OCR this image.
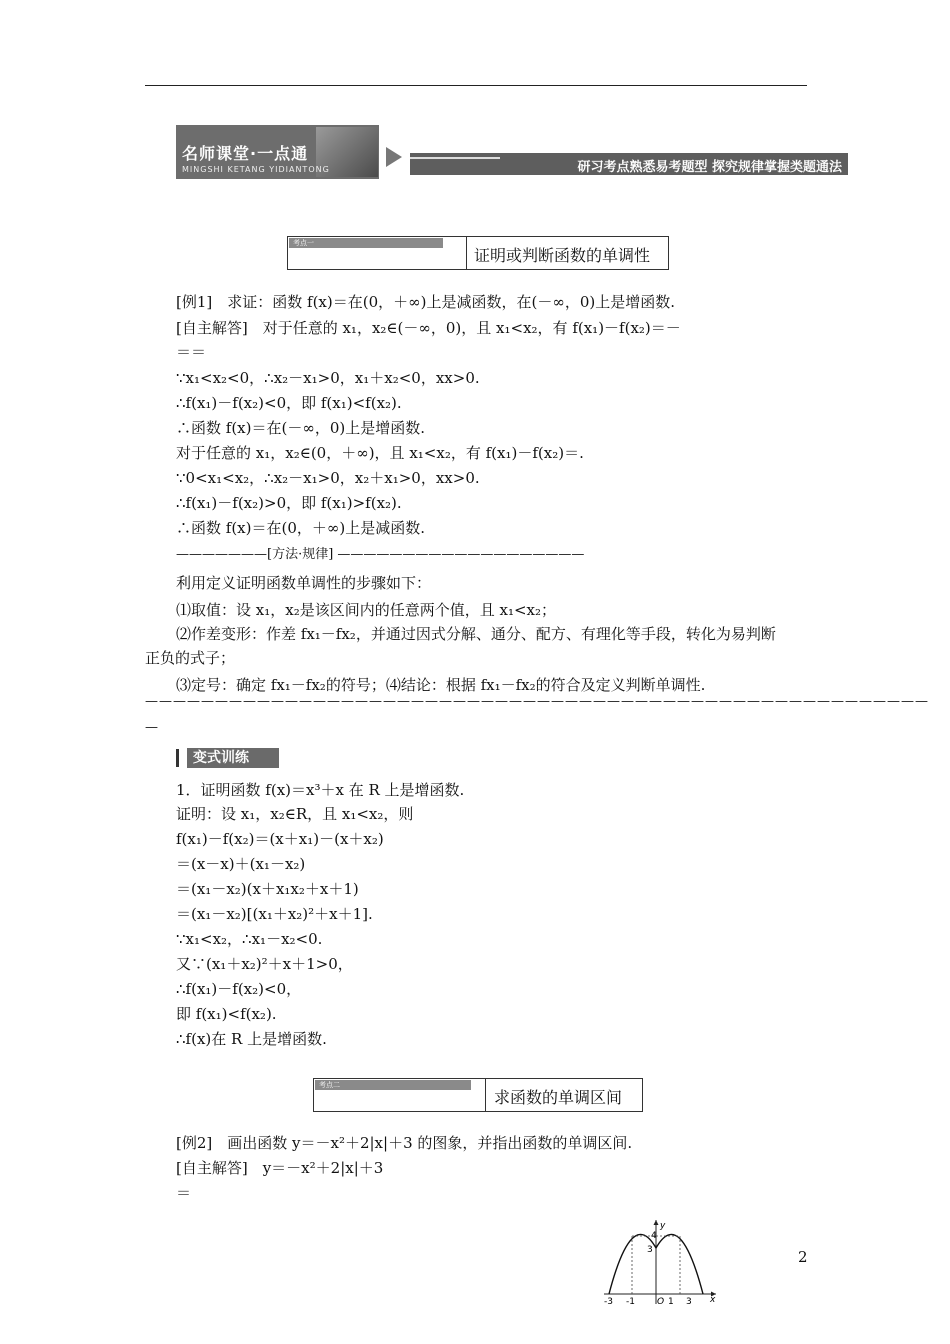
名师课堂·一点通
MINGSHI KETANG YIDIANTONG	研习考点熟悉易考题型 探究规律掌握类题通法
考点一
证明或判断函数的单调性
[例1]　求证：函数 f(x)＝在(0，＋∞)上是减函数，在(－∞，0)上是增函数.
[自主解答]　对于任意的 x₁，x₂∈(－∞，0)，且 x₁<x₂，有 f(x₁)－f(x₂)＝－
＝＝
∵x₁<x₂<0，∴x₂－x₁>0，x₁＋x₂<0，xx>0.
∴f(x₁)－f(x₂)<0，即 f(x₁)<f(x₂).
∴函数 f(x)＝在(－∞，0)上是增函数.
对于任意的 x₁，x₂∈(0，＋∞)，且 x₁<x₂，有 f(x₁)－f(x₂)＝.
∵0<x₁<x₂，∴x₂－x₁>0，x₂＋x₁>0，xx>0.
∴f(x₁)－f(x₂)>0，即 f(x₁)>f(x₂).
∴函数 f(x)＝在(0，＋∞)上是减函数.
———————[方法·规律] ———————————————————
利用定义证明函数单调性的步骤如下：
⑴取值：设 x₁，x₂是该区间内的任意两个值，且 x₁<x₂；
⑵作差变形：作差 fx₁－fx₂，并通过因式分解、通分、配方、有理化等手段，转化为易判断
正负的式子；
⑶定号：确定 fx₁－fx₂的符号；⑷结论：根据 fx₁－fx₂的符合及定义判断单调性.
————————————————————————————————————————————————————————
—
变式训练
1．证明函数 f(x)＝x³＋x 在 R 上是增函数.
证明：设 x₁，x₂∈R，且 x₁<x₂，则
f(x₁)－f(x₂)＝(x＋x₁)－(x＋x₂)
＝(x－x)＋(x₁－x₂)
＝(x₁－x₂)(x＋x₁x₂＋x＋1)
＝(x₁－x₂)[(x₁＋x₂)²＋x＋1].
∵x₁<x₂，∴x₁－x₂<0.
又∵(x₁＋x₂)²＋x＋1>0，
∴f(x₁)－f(x₂)<0，
即 f(x₁)<f(x₂).
∴f(x)在 R 上是增函数.
考点二
求函数的单调区间
[例2]　画出函数 y＝－x²＋2|x|＋3 的图象，并指出函数的单调区间.
[自主解答]　y＝－x²＋2|x|＋3
＝
y
x
4
3
O
-3 -1	1 3
2
